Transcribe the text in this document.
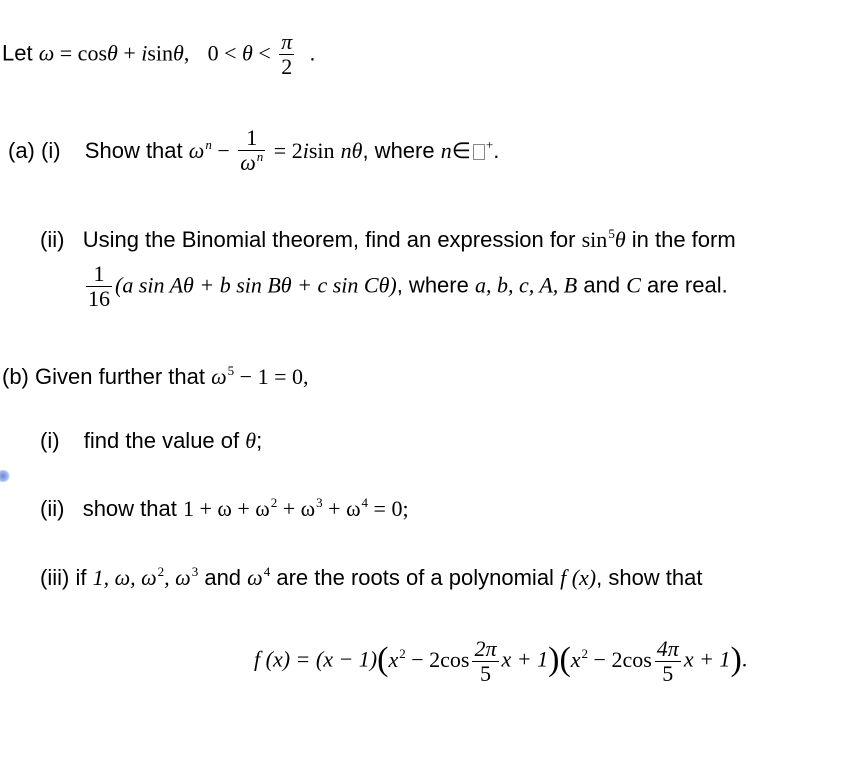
Let ω = cosθ + isinθ, $0 < \theta < \frac{\pi}{2}$ .
(a) (i) Show that $\omega^n - \frac{1}{\omega^n} = 2isin$ nθ, where n∈ +.
(ii) Using the Binomial theorem, find an expression for $\sin^5\theta$ in the form
$\frac{1}{16} (a$ sin Aθ + b sin Bθ + c sin Cθ), where a, b, c, A, B and C are real.
(b) Given further that $\omega^5 - 1 = 0$,
(i) find the value of θ;
(ii) show that $1 + \omega + \omega^2 + \omega^3 + \omega^4 = 0$;
(iii) if 1, ω, $\omega^2$, $\omega^3$ and $\omega^4$ are the roots of a polynomial f (x), show that
f $(x) = (x - 1)(x^2 - 2\cos \frac{2\pi}{5}$ $x + 1)(x^2 - 2\cos \frac{4\pi}{5}$ x + 1).
